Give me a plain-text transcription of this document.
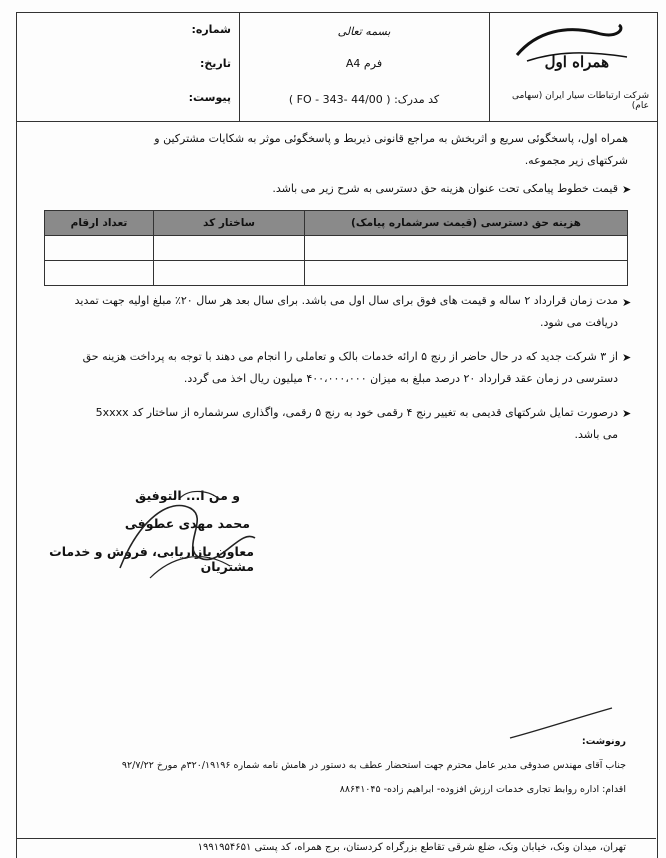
همراه اول
شرکت ارتباطات سیار ایران (سهامی عام)
بسمه تعالی
فرم A4
کد مدرک: ( FO - 343- 44/00 )
شماره:
تاریخ:
پیوست:
همراه اول، پاسخگوئی سریع و اثربخش به مراجع قانونی ذیربط و پاسخگوئی موثر به شکایات مشترکین و
شرکتهای زیر مجموعه.
➤
قیمت خطوط پیامکی تحت عنوان هزینه حق دسترسی به شرح زیر می باشد.
هزینه حق دسترسی (قیمت سرشماره پیامک)	ساختار کد	تعداد ارقام

➤
مدت زمان قرارداد ۲ ساله و قیمت های فوق برای سال اول می باشد. برای سال بعد هر سال ۲۰٪ مبلغ اولیه جهت تمدید
دریافت می شود.
➤
از ۳ شرکت جدید که در حال حاضر از رنج ۵ ارائه خدمات بالک و تعاملی را انجام می دهند با توجه به پرداخت هزینه حق
دسترسی در زمان عقد قرارداد ۲۰ درصد مبلغ به میزان ۴۰۰،۰۰۰،۰۰۰ میلیون ریال اخذ می گردد.
➤
درصورت تمایل شرکتهای قدیمی به تغییر رنج ۴ رقمی خود به رنج ۵ رقمی، واگذاری سرشماره از ساختار کد 5xxxx
می باشد.
و من ا... التوفیق
محمد مهدی عطوفی
معاون بازاریابی، فروش و خدمات مشتریان
رونوشت:
جناب آقای مهندس صدوقی مدیر عامل محترم جهت استحضار عطف به دستور در هامش نامه شماره ۳۲۰/۱۹۱۹۶م مورخ ۹۲/۷/۲۲
اقدام: اداره روابط تجاری خدمات ارزش افزوده- ابراهیم زاده- ۸۸۶۴۱۰۴۵
تهران، میدان ونک، خیابان ونک، ضلع شرقی تقاطع بزرگراه کردستان، برج همراه، کد پستی ۱۹۹۱۹۵۴۶۵۱
